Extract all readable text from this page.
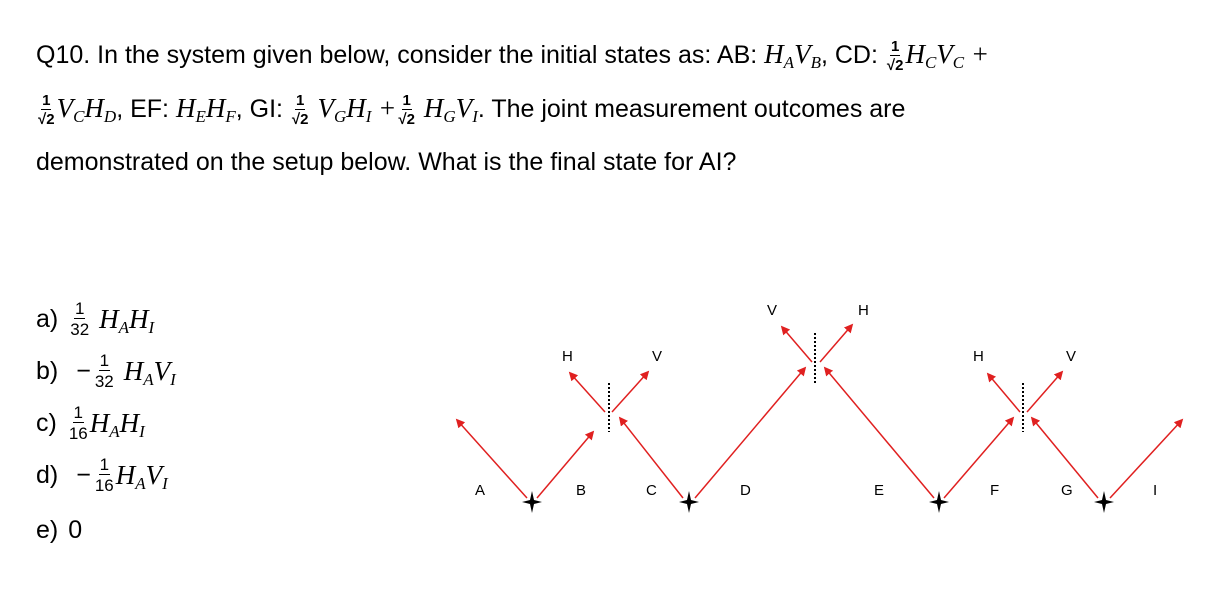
Q10. In the system given below, consider the initial states as: AB: $H_AV_B$, CD: $\frac{1}{√2} H_CV_C$ +

$\frac{1}{√2} V_CH_D$, EF: $H_EH_F$, GI: $\frac{1}{√2} V_GH_I + \frac{1}{√2} H_GV_I$. The joint measurement outcomes are
demonstrated on the setup below. What is the final state for AI?
$a) \frac{1}{32} H_AH_I$
$b) - \frac{1}{32} H_AV_I$
$c) \frac{1}{16} H_AH_I$
$d) - \frac{1}{16} H_AV_I$
e) 0
A	B	C	D	E	F	G	I
H	V
V	H
H	V
